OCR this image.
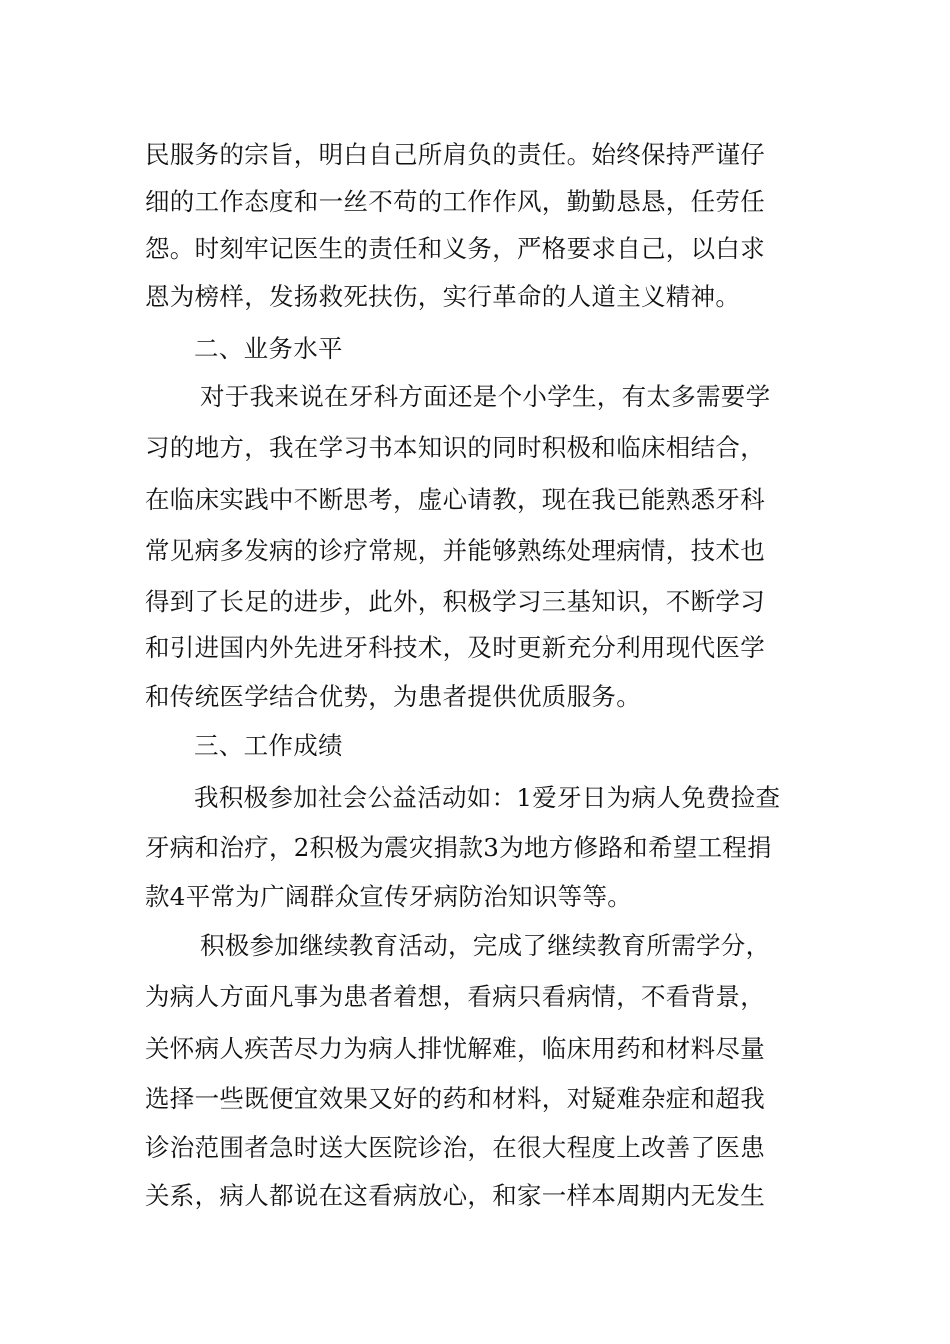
民服务的宗旨，明白自己所肩负的责任。始终保持严谨仔
细的工作态度和一丝不苟的工作作风，勤勤恳恳，任劳任
怨。时刻牢记医生的责任和义务，严格要求自己，以白求
恩为榜样，发扬救死扶伤，实行革命的人道主义精神。
二、业务水平
对于我来说在牙科方面还是个小学生，有太多需要学
习的地方，我在学习书本知识的同时积极和临床相结合，
在临床实践中不断思考，虚心请教，现在我已能熟悉牙科
常见病多发病的诊疗常规，并能够熟练处理病情，技术也
得到了长足的进步，此外，积极学习三基知识，不断学习
和引进国内外先进牙科技术，及时更新充分利用现代医学
和传统医学结合优势，为患者提供优质服务。
三、工作成绩
我积极参加社会公益活动如：1爱牙日为病人免费捡查
牙病和治疗，2积极为震灾捐款3为地方修路和希望工程捐
款4平常为广阔群众宣传牙病防治知识等等。
积极参加继续教育活动，完成了继续教育所需学分，
为病人方面凡事为患者着想，看病只看病情，不看背景，
关怀病人疾苦尽力为病人排忧解难，临床用药和材料尽量
选择一些既便宜效果又好的药和材料，对疑难杂症和超我
诊治范围者急时送大医院诊治，在很大程度上改善了医患
关系，病人都说在这看病放心，和家一样本周期内无发生
